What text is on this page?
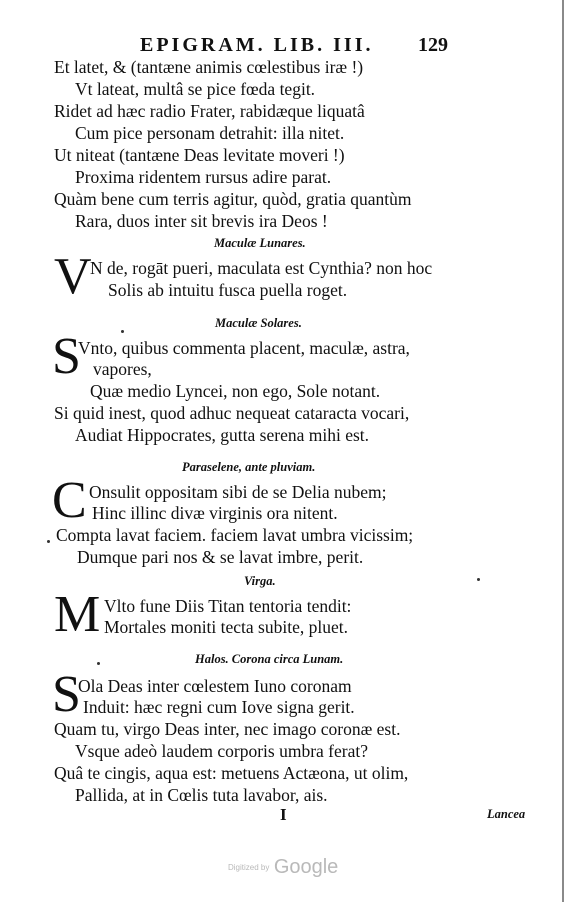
EPIGRAM. LIB. III. 129
Et latet, & (tantæne animis cœlestibus iræ !)
Vt lateat, multâ se pice fœda tegit.
Ridet ad hæc radio Frater, rabidæque liquatâ
Cum pice personam detrahit: illa nitet.
Ut niteat (tantæne Deas levitate moveri !)
Proxima ridentem rursus adire parat.
Quàm bene cum terris agitur, quòd, gratia quantùm
Rara, duos inter sit brevis ira Deos !
Maculæ Lunares.
V
N de, rogāt pueri, maculata est Cynthia? non hoc
Solis ab intuitu fusca puella roget.
Maculæ Solares.
S
Vnto, quibus commenta placent, maculæ, astra,
vapores,
Quæ medio Lyncei, non ego, Sole notant.
Si quid inest, quod adhuc nequeat cataracta vocari,
Audiat Hippocrates, gutta serena mihi est.
Paraselene, ante pluviam.
C Onsulit oppositam sibi de se Delia nubem;
Hinc illinc divæ virginis ora nitent.
Compta lavat faciem. faciem lavat umbra vicissim;
Dumque pari nos & se lavat imbre, perit.
Virga.
M Vlto fune Diis Titan tentoria tendit:
Mortales moniti tecta subite, pluet.
Halos. Corona circa Lunam.
S
Ola Deas inter cœlestem Iuno coronam
Induit: hæc regni cum Iove signa gerit.
Quam tu, virgo Deas inter, nec imago coronæ est.
Vsque adeò laudem corporis umbra ferat?
Quâ te cingis, aqua est: metuens Actæona, ut olim,
Pallida, at in Cœlis tuta lavabor, ais.
I	Lancea
Digitized by Google
